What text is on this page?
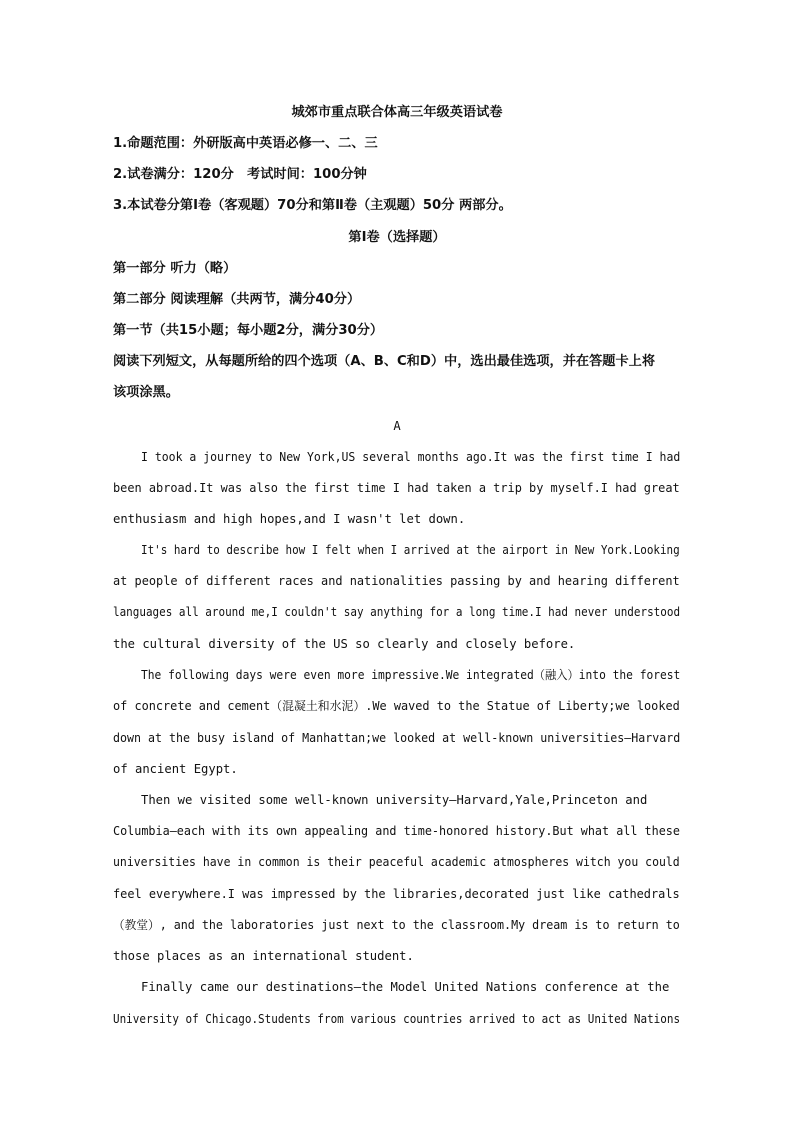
城郊市重点联合体高三年级英语试卷
1.命题范围：外研版高中英语必修一、二、三
2.试卷满分：120分　考试时间：100分钟
3.本试卷分第Ⅰ卷（客观题）70分和第Ⅱ卷（主观题）50分 两部分。
第Ⅰ卷（选择题）
第一部分 听力（略）
第二部分 阅读理解（共两节，满分40分）
第一节（共15小题；每小题2分，满分30分）
阅读下列短文，从每题所给的四个选项（A、B、C和D）中，选出最佳选项，并在答题卡上将
该项涂黑。
A
I took a journey to New York,US several months ago.It was the first time I had
been abroad.It was also the first time I had taken a trip by myself.I had great
enthusiasm and high hopes,and I wasn't let down.
It's hard to describe how I felt when I arrived at the airport in New York.Looking
at people of different races and nationalities passing by and hearing different
languages all around me,I couldn't say anything for a long time.I had never understood
the cultural diversity of the US so clearly and closely before.
The following days were even more impressive.We integrated（融入）into the forest
of concrete and cement（混凝土和水泥）.We waved to the Statue of Liberty;we looked
down at the busy island of Manhattan;we looked at well-known universities—Harvard
of ancient Egypt.
Then we visited some well-known university—Harvard,Yale,Princeton and
Columbia—each with its own appealing and time-honored history.But what all these
universities have in common is their peaceful academic atmospheres witch you could
feel everywhere.I was impressed by the libraries,decorated just like cathedrals
（教堂）, and the laboratories just next to the classroom.My dream is to return to
those places as an international student.
Finally came our destinations—the Model United Nations conference at the
University of Chicago.Students from various countries arrived to act as United Nations
